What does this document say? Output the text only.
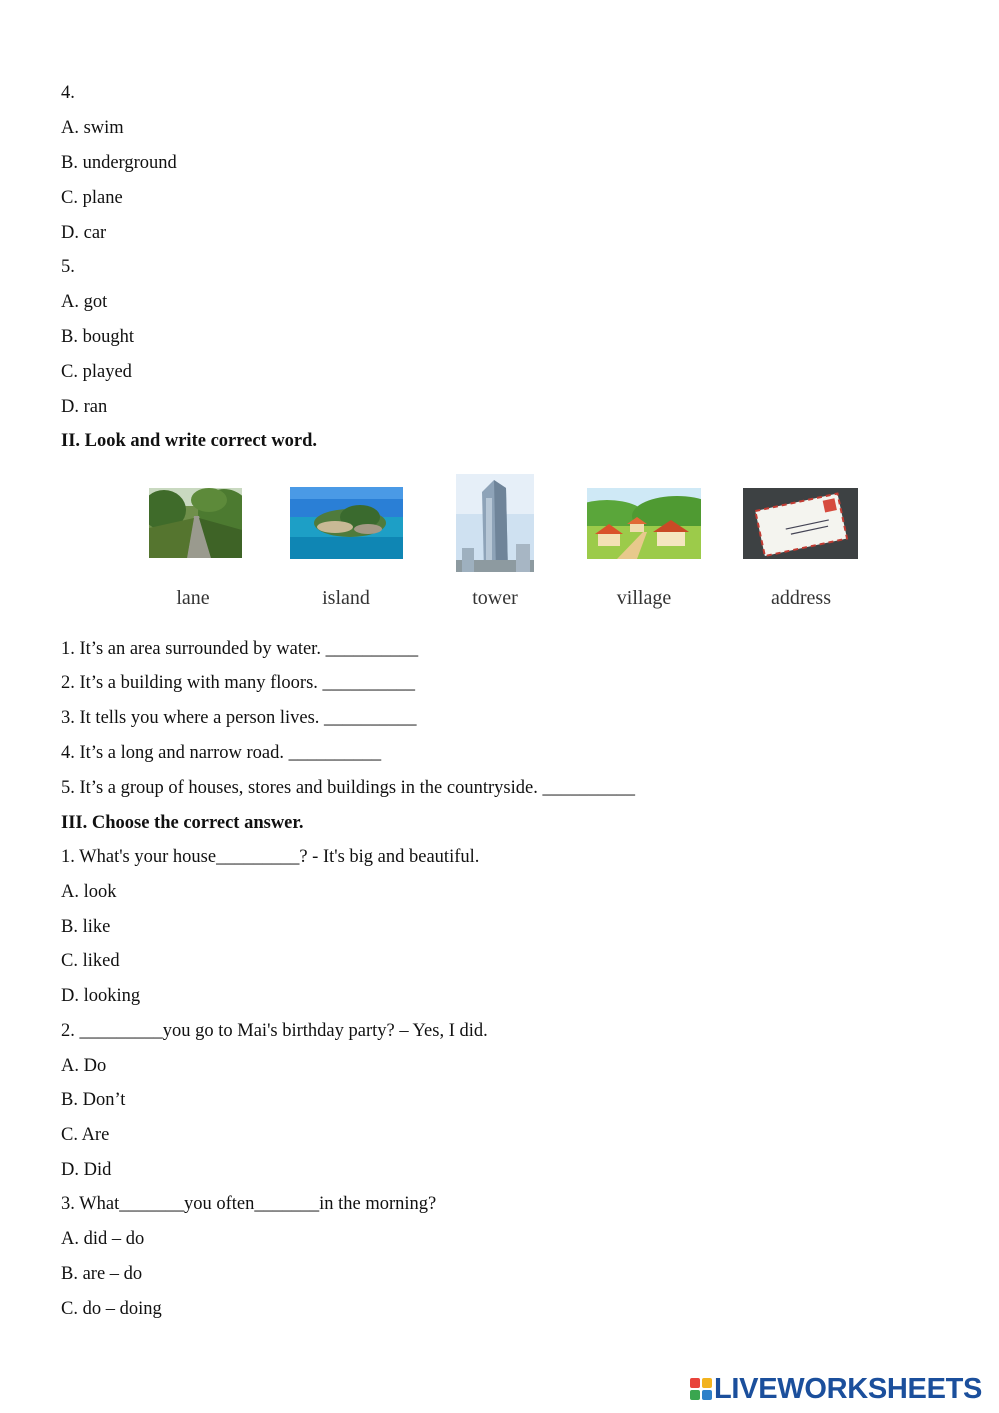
4.

A. swim

B. underground

C. plane

D. car

5.

A. got

B. bought

C. played

D. ran

II. Look and write correct word.

lane	island	tower	village	address

1. It’s an area surrounded by water. __________

2. It’s a building with many floors. __________

3. It tells you where a person lives. __________

4. It’s a long and narrow road. __________

5. It’s a group of houses, stores and buildings in the countryside. __________

III. Choose the correct answer.

1. What's your house_________? - It's big and beautiful.

A. look

B. like

C. liked

D. looking

2. _________you go to Mai's birthday party? – Yes, I did.

A. Do

B. Don’t

C. Are

D. Did

3. What_______you often_______in the morning?

A. did – do

B. are – do

C. do – doing

LIVEWORKSHEETS
